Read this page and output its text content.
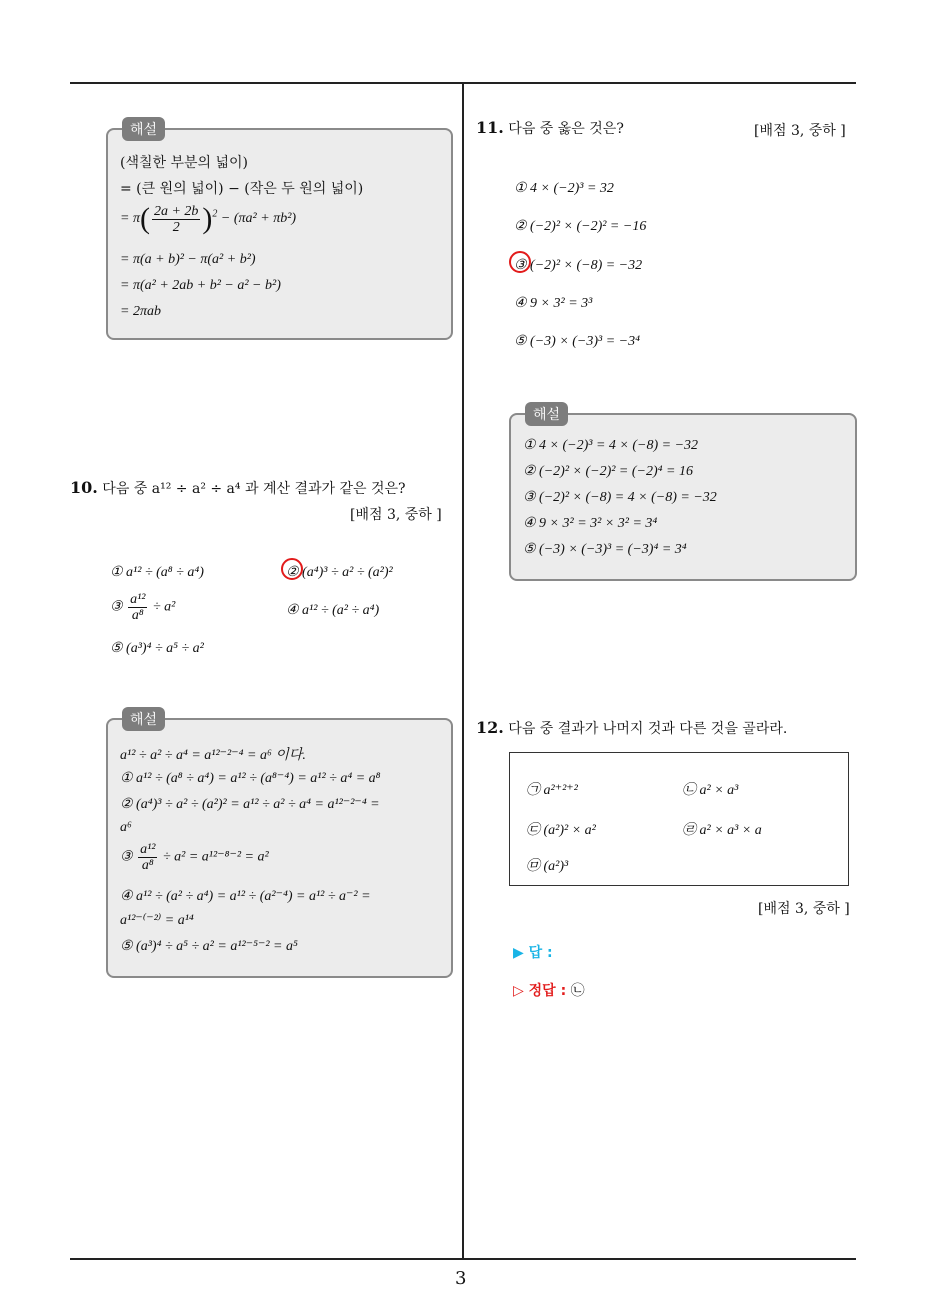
3
해설
(색칠한 부분의 넓이)
= (큰 원의 넓이) − (작은 두 원의 넓이)
= $\pi( \frac{2a + 2b}{2} )^2 - (\pi a^2 + \pi b^2)$
= π(a + b)² − π(a² + b²)
= π(a² + 2ab + b² − a² − b²)
= 2πab
10. 다음 중 a¹² ÷ a² ÷ a⁴ 과 계산 결과가 같은 것은?
[배점 3, 중하 ]
① a¹² ÷ (a⁸ ÷ a⁴)	② (a⁴)³ ÷ a² ÷ (a²)²
③ $\frac{\text{a¹²}}{\text{a⁸}} \div a^2$	④ a¹² ÷ (a² ÷ a⁴)
⑤ (a³)⁴ ÷ a⁵ ÷ a²
해설
a¹² ÷ a² ÷ a⁴ = a¹²⁻²⁻⁴ = a⁶ 이다.
① a¹² ÷ (a⁸ ÷ a⁴) = a¹² ÷ (a⁸⁻⁴) = a¹² ÷ a⁴ = a⁸
② (a⁴)³ ÷ a² ÷ (a²)² = a¹² ÷ a² ÷ a⁴ = a¹²⁻²⁻⁴ =
a⁶
③ $\frac{\text{a¹²}}{\text{a⁸}} \div a^2 = a^{12-8-2} = a^2$
④ a¹² ÷ (a² ÷ a⁴) = a¹² ÷ (a²⁻⁴) = a¹² ÷ a⁻² =
a¹²⁻⁽⁻²⁾ = a¹⁴
⑤ (a³)⁴ ÷ a⁵ ÷ a² = a¹²⁻⁵⁻² = a⁵
11. 다음 중 옳은 것은?	[배점 3, 중하 ]
① 4 × (−2)³ = 32
② (−2)² × (−2)² = −16
③ (−2)² × (−8) = −32
④ 9 × 3² = 3³
⑤ (−3) × (−3)³ = −3⁴
해설
① 4 × (−2)³ = 4 × (−8) = −32
② (−2)² × (−2)² = (−2)⁴ = 16
③ (−2)² × (−8) = 4 × (−8) = −32
④ 9 × 3² = 3² × 3² = 3⁴
⑤ (−3) × (−3)³ = (−3)⁴ = 3⁴
12. 다음 중 결과가 나머지 것과 다른 것을 골라라.
㉠ a²⁺²⁺²	㉡ a² × a³
㉢ (a²)² × a²	㉣ a² × a³ × a
㉤ (a²)³
[배점 3, 중하 ]
▶ 답 :
▷ 정답 : ㉡
